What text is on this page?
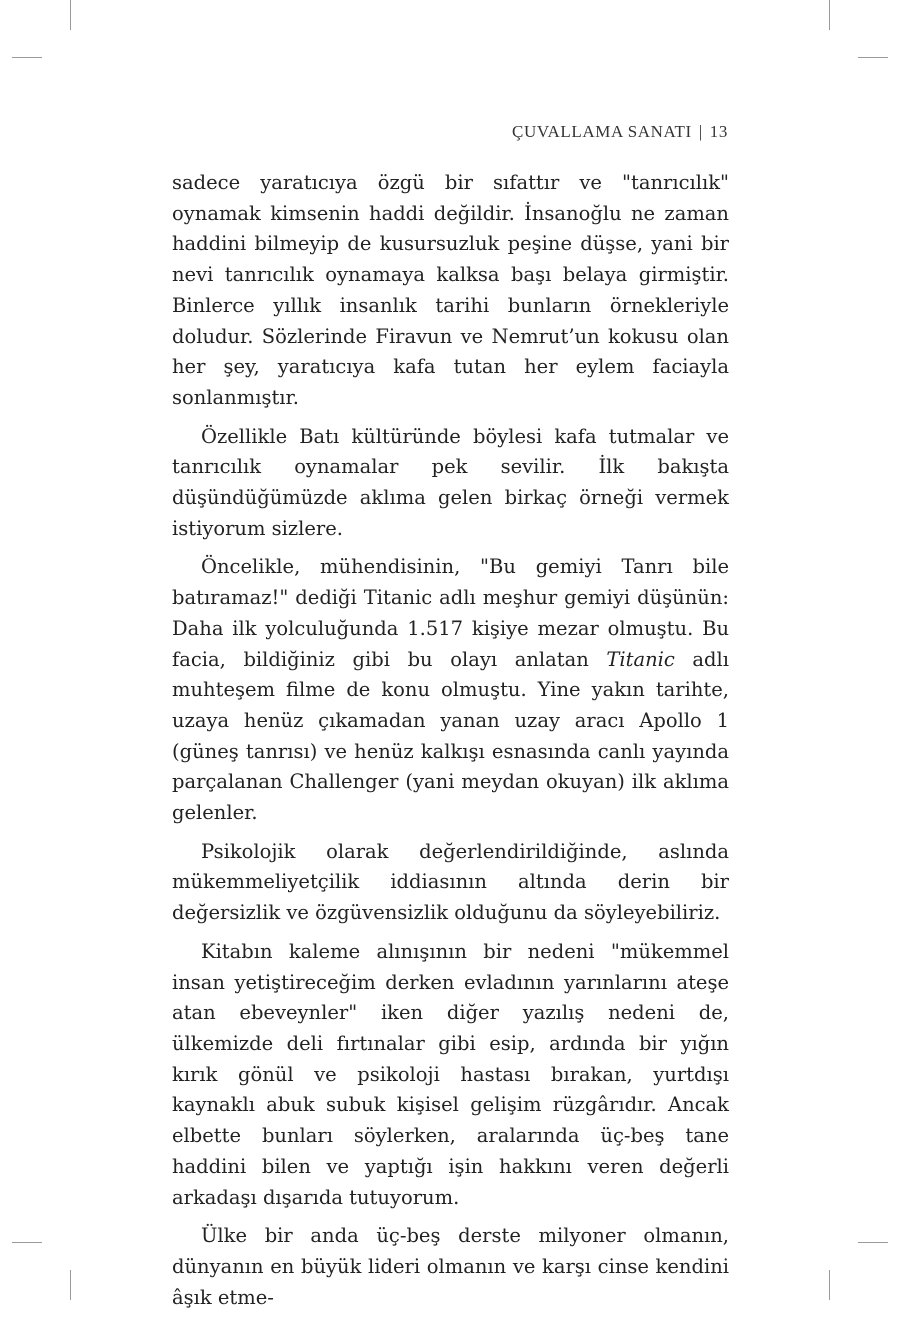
ÇUVALLAMA SANATI | 13

sadece yaratıcıya özgü bir sıfattır ve "tanrıcılık" oynamak kimsenin haddi değildir. İnsanoğlu ne zaman haddini bilmeyip de kusursuzluk peşine düşse, yani bir nevi tanrıcılık oynamaya kalksa başı belaya girmiştir. Binlerce yıllık insanlık tarihi bunların örnekleriyle doludur. Sözlerinde Firavun ve Nemrut’un kokusu olan her şey, yaratıcıya kafa tutan her eylem faciayla sonlanmıştır.

Özellikle Batı kültüründe böylesi kafa tutmalar ve tanrıcılık oynamalar pek sevilir. İlk bakışta düşündüğümüzde aklıma gelen birkaç örneği vermek istiyorum sizlere.

Öncelikle, mühendisinin, "Bu gemiyi Tanrı bile batıramaz!" dediği Titanic adlı meşhur gemiyi düşünün: Daha ilk yolculuğunda 1.517 kişiye mezar olmuştu. Bu facia, bildiğiniz gibi bu olayı anlatan Titanic adlı muhteşem filme de konu olmuştu. Yine yakın tarihte, uzaya henüz çıkamadan yanan uzay aracı Apollo 1 (güneş tanrısı) ve henüz kalkışı esnasında canlı yayında parçalanan Challenger (yani meydan okuyan) ilk aklıma gelenler.

Psikolojik olarak değerlendirildiğinde, aslında mükemmeliyetçilik iddiasının altında derin bir değersizlik ve özgüvensizlik olduğunu da söyleyebiliriz.

Kitabın kaleme alınışının bir nedeni "mükemmel insan yetiştireceğim derken evladının yarınlarını ateşe atan ebeveynler" iken diğer yazılış nedeni de, ülkemizde deli fırtınalar gibi esip, ardında bir yığın kırık gönül ve psikoloji hastası bırakan, yurtdışı kaynaklı abuk subuk kişisel gelişim rüzgârıdır. Ancak elbette bunları söylerken, aralarında üç-beş tane haddini bilen ve yaptığı işin hakkını veren değerli arkadaşı dışarıda tutuyorum.

Ülke bir anda üç-beş derste milyoner olmanın, dünyanın en büyük lideri olmanın ve karşı cinse kendini âşık etme-
